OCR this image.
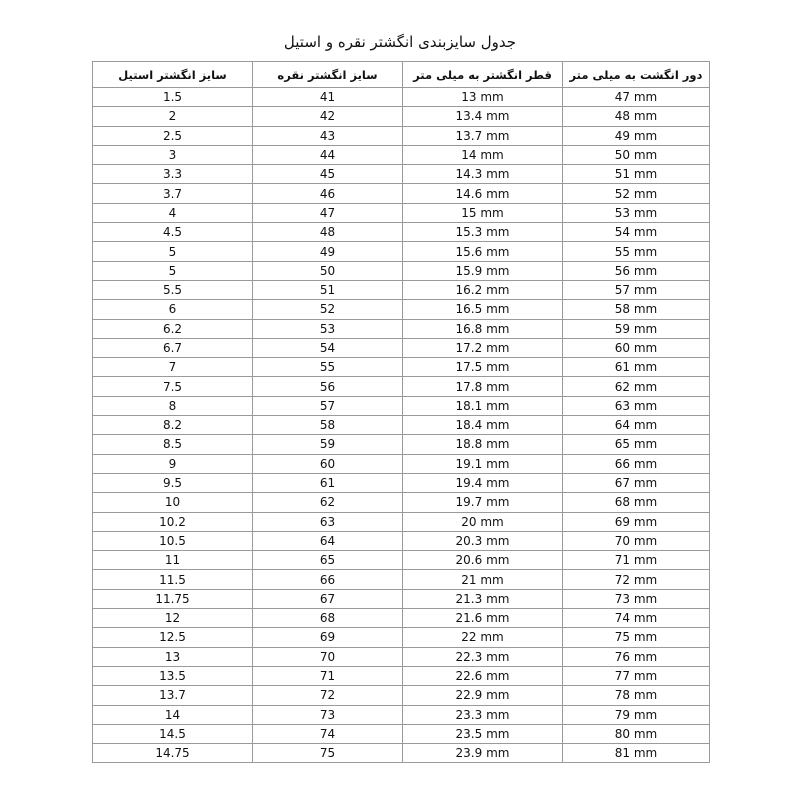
جدول سایزبندی انگشتر نقره و استیل
سایز انگشتر استیل	سایز انگشتر نقره	قطر انگشتر به میلی متر	دور انگشت به میلی متر
1.5	41	13 mm	47 mm
2	42	13.4 mm	48 mm
2.5	43	13.7 mm	49 mm
3	44	14 mm	50 mm
3.3	45	14.3 mm	51 mm
3.7	46	14.6 mm	52 mm
4	47	15 mm	53 mm
4.5	48	15.3 mm	54 mm
5	49	15.6 mm	55 mm
5	50	15.9 mm	56 mm
5.5	51	16.2 mm	57 mm
6	52	16.5 mm	58 mm
6.2	53	16.8 mm	59 mm
6.7	54	17.2 mm	60 mm
7	55	17.5 mm	61 mm
7.5	56	17.8 mm	62 mm
8	57	18.1 mm	63 mm
8.2	58	18.4 mm	64 mm
8.5	59	18.8 mm	65 mm
9	60	19.1 mm	66 mm
9.5	61	19.4 mm	67 mm
10	62	19.7 mm	68 mm
10.2	63	20 mm	69 mm
10.5	64	20.3 mm	70 mm
11	65	20.6 mm	71 mm
11.5	66	21 mm	72 mm
11.75	67	21.3 mm	73 mm
12	68	21.6 mm	74 mm
12.5	69	22 mm	75 mm
13	70	22.3 mm	76 mm
13.5	71	22.6 mm	77 mm
13.7	72	22.9 mm	78 mm
14	73	23.3 mm	79 mm
14.5	74	23.5 mm	80 mm
14.75	75	23.9 mm	81 mm
